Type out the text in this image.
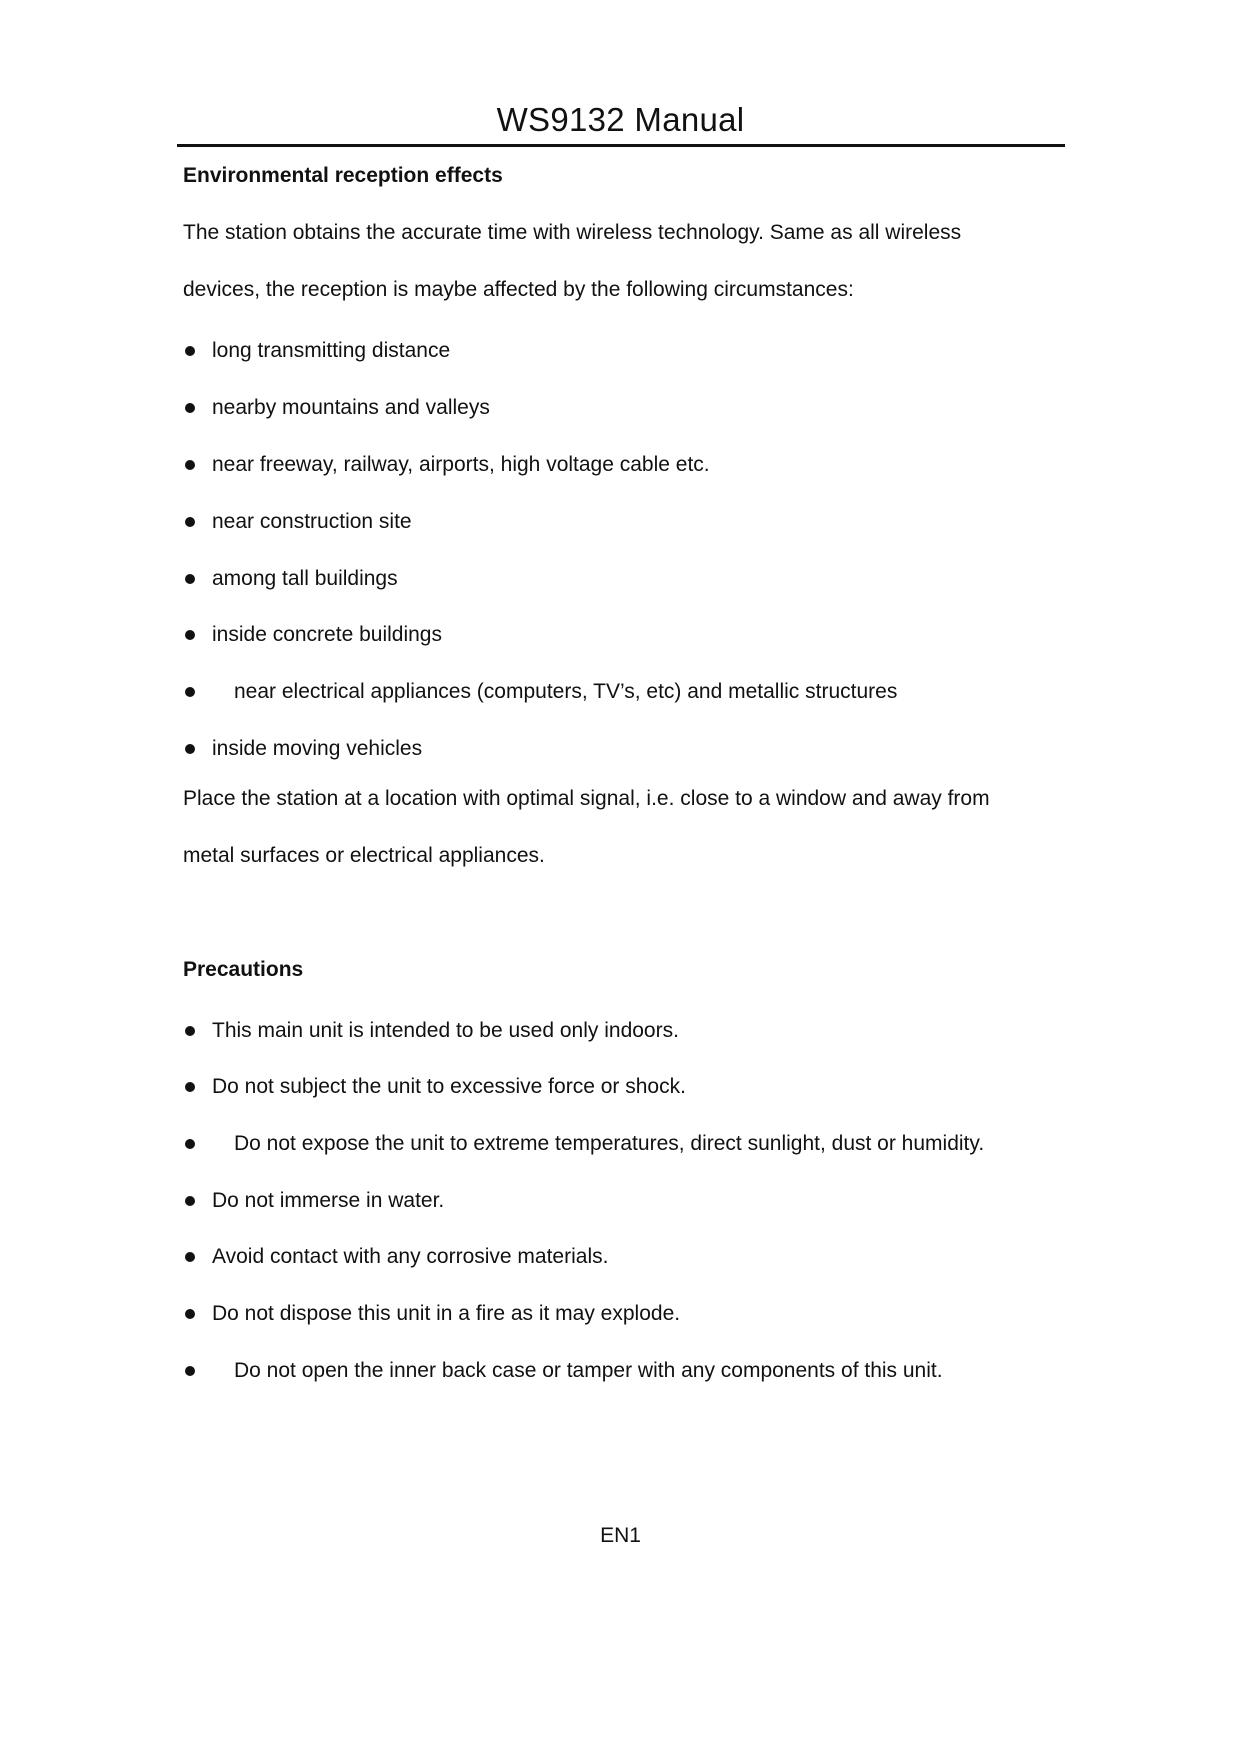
WS9132 Manual
Environmental reception effects
The station obtains the accurate time with wireless technology. Same as all wireless
devices, the reception is maybe affected by the following circumstances:
long transmitting distance
nearby mountains and valleys
near freeway, railway, airports, high voltage cable etc.
near construction site
among tall buildings
inside concrete buildings
near electrical appliances (computers, TV’s, etc) and metallic structures
inside moving vehicles
Place the station at a location with optimal signal, i.e. close to a window and away from
metal surfaces or electrical appliances.
Precautions
This main unit is intended to be used only indoors.
Do not subject the unit to excessive force or shock.
Do not expose the unit to extreme temperatures, direct sunlight, dust or humidity.
Do not immerse in water.
Avoid contact with any corrosive materials.
Do not dispose this unit in a fire as it may explode.
Do not open the inner back case or tamper with any components of this unit.
EN1
